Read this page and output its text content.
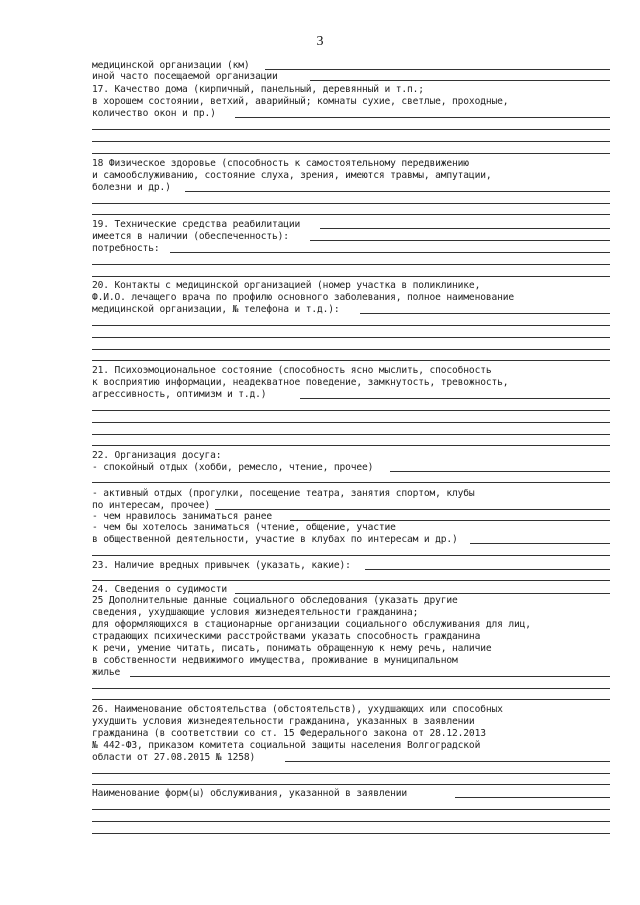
3
медицинской организации (км)
иной часто посещаемой организации
17. Качество дома (кирпичный, панельный, деревянный и т.п.;
в хорошем состоянии, ветхий, аварийный; комнаты сухие, светлые, проходные,
количество окон и пр.)
18 Физическое здоровье (способность к самостоятельному передвижению
и самообслуживанию, состояние слуха, зрения, имеются травмы, ампутации,
болезни и др.)
19. Технические средства реабилитации
имеется в наличии (обеспеченность):
потребность:
20. Контакты с медицинской организацией (номер участка в поликлинике,
Ф.И.О. лечащего врача по профилю основного заболевания, полное наименование
медицинской организации, № телефона и т.д.):
21. Психоэмоциональное состояние (способность ясно мыслить, способность
к восприятию информации, неадекватное поведение, замкнутость, тревожность,
агрессивность, оптимизм и т.д.)
22. Организация досуга:
- спокойный отдых (хобби, ремесло, чтение, прочее)
- активный отдых (прогулки, посещение театра, занятия спортом, клубы
по интересам, прочее)
- чем нравилось заниматься ранее
- чем бы хотелось заниматься (чтение, общение, участие
в общественной деятельности, участие в клубах по интересам и др.)
23. Наличие вредных привычек (указать, какие):
24. Сведения о судимости
25 Дополнительные данные социального обследования (указать другие
сведения, ухудшающие условия жизнедеятельности гражданина;
для оформляющихся в стационарные организации социального обслуживания для лиц,
страдающих психическими расстройствами указать способность гражданина
к речи, умение читать, писать, понимать обращенную к нему речь, наличие
в собственности недвижимого имущества, проживание в муниципальном
жилье
26. Наименование обстоятельства (обстоятельств), ухудшающих или способных
ухудшить условия жизнедеятельности гражданина, указанных в заявлении
гражданина (в соответствии со ст. 15 Федерального закона от 28.12.2013
№ 442-ФЗ, приказом комитета социальной защиты населения Волгоградской
области от 27.08.2015 № 1258)
Наименование форм(ы) обслуживания, указанной в заявлении
